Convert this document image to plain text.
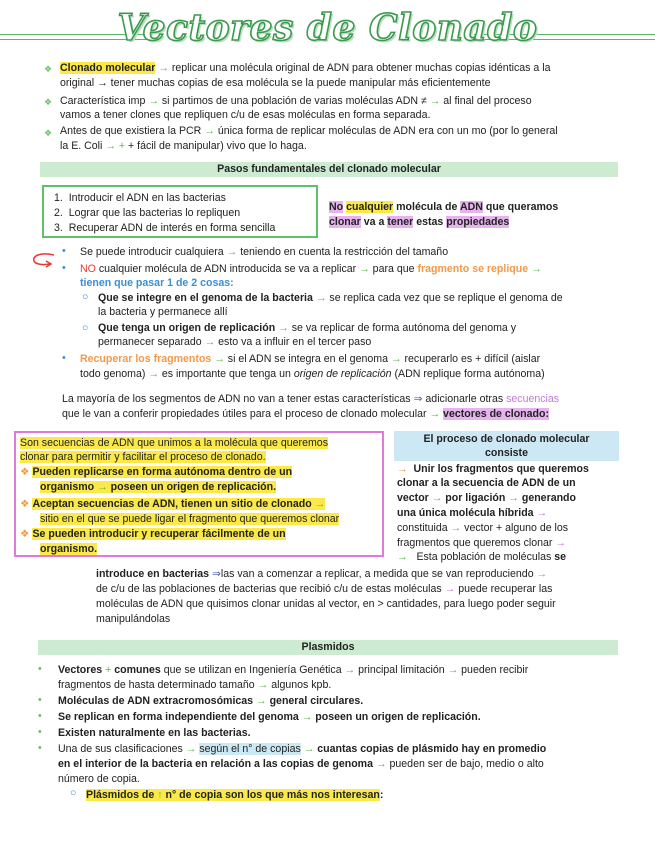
Vectores de Clonado
❖ Clonado molecular → replicar una molécula original de ADN para obtener muchas copias idénticas a la
original → tener muchas copias de esa molécula se la puede manipular más eficientemente
❖ Característica imp → si partimos de una población de varias moléculas ADN ≠ → al final del proceso
vamos a tener clones que repliquen c/u de esas moléculas en forma separada.
❖ Antes de que existiera la PCR → única forma de replicar moléculas de ADN era con un mo (por lo general
la E. Coli → + + fácil de manipular) vivo que lo haga.
Pasos fundamentales del clonado molecular
1.  Introducir el ADN en las bacterias
2.  Lograr que las bacterias lo repliquen
3.  Recuperar ADN de interés en forma sencilla
No cualquier molécula de ADN que queramos
clonar va a tener estas propiedades
• Se puede introducir cualquiera → teniendo en cuenta la restricción del tamaño
• NO cualquier molécula de ADN introducida se va a replicar → para que fragmento se replique →
tienen que pasar 1 de 2 cosas:
○ Que se integre en el genoma de la bacteria → se replica cada vez que se replique el genoma de
la bacteria y permanece allí
○ Que tenga un origen de replicación → se va replicar de forma autónoma del genoma y
permanecer separado → esto va a influir en el tercer paso
• Recuperar los fragmentos → si el ADN se integra en el genoma → recuperarlo es + difícil (aislar
todo genoma) → es importante que tenga un origen de replicación (ADN replique forma autónoma)
La mayoría de los segmentos de ADN no van a tener estas características ⇒ adicionarle otras secuencias
que le van a conferir propiedades útiles para el proceso de clonado molecular → vectores de clonado:
Son secuencias de ADN que unimos a la molécula que queremos
clonar para permitir y facilitar el proceso de clonado.
❖ Pueden replicarse en forma autónoma dentro de un
organismo → poseen un origen de replicación.
❖ Aceptan secuencias de ADN, tienen un sitio de clonado →
sitio en el que se puede ligar el fragmento que queremos clonar
❖ Se pueden introducir y recuperar fácilmente de un
organismo.
El proceso de clonado molecular
consiste
→ Unir los fragmentos que queremos
clonar a la secuencia de ADN de un
vector → por ligación → generando
una única molécula híbrida →
constituida → vector + alguno de los
fragmentos que queremos clonar →
→ Esta población de moléculas se
introduce en bacterias ⇒las van a comenzar a replicar, a medida que se van reproduciendo →
de c/u de las poblaciones de bacterias que recibió c/u de estas moléculas → puede recuperar las
moléculas de ADN que quisimos clonar unidas al vector, en > cantidades, para luego poder seguir
manipulándolas
Plasmidos
• Vectores + comunes que se utilizan en Ingeniería Genética → principal limitación → pueden recibir
fragmentos de hasta determinado tamaño → algunos kpb.
• Moléculas de ADN extracromosómicas → general circulares.
• Se replican en forma independiente del genoma → poseen un origen de replicación.
• Existen naturalmente en las bacterias.
• Una de sus clasificaciones → según el n° de copias → cuantas copias de plásmido hay en promedio
en el interior de la bacteria en relación a las copias de genoma → pueden ser de bajo, medio o alto
número de copia.
○ Plásmidos de ↑ n° de copia son los que más nos interesan:
